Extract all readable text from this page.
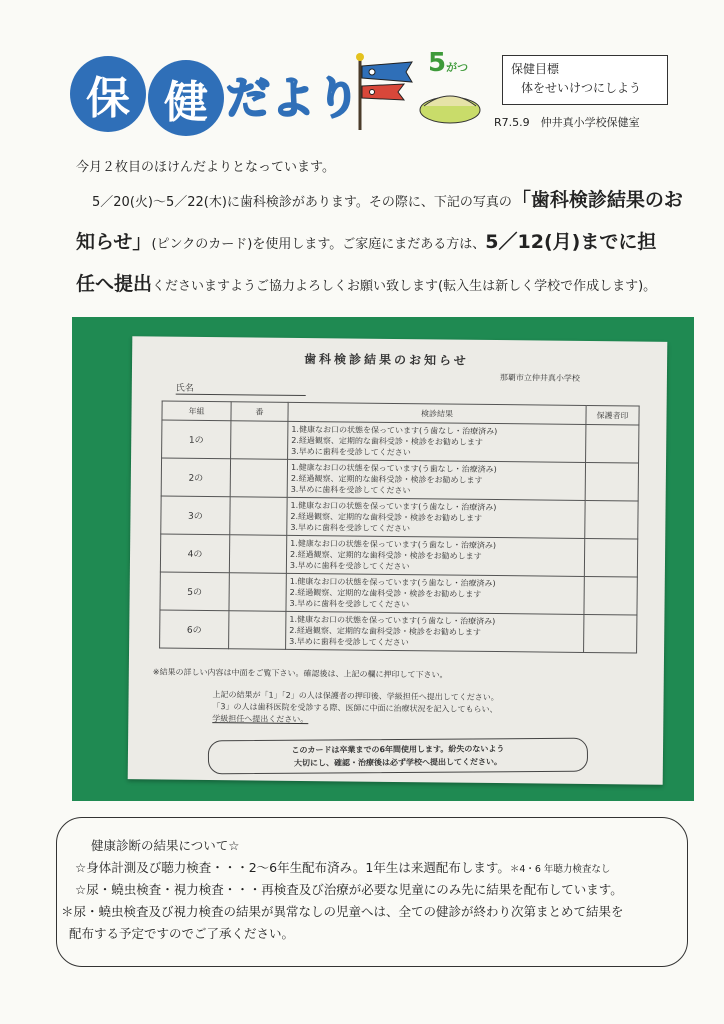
保 健 だより
5がつ	保健目標
体をせいけつにしよう
R7.5.9　仲井真小学校保健室
今月２枚目のほけんだよりとなっています。
5／20(火)～5／22(木)に歯科検診があります。その際に、下記の写真の「歯科検診結果のお
知らせ」(ピンクのカード)を使用します。ご家庭にまだある方は、5／12(月)までに担
任へ提出くださいますようご協力よろしくお願い致します(転入生は新しく学校で作成します)。
歯科検診結果のお知らせ
那覇市立仲井真小学校
氏名
年組	番	検診結果	保護者印
1の		1.健康なお口の状態を保っています(う歯なし・治療済み)
2.経過観察、定期的な歯科受診・検診をお勧めします
3.早めに歯科を受診してください	

2の		1.健康なお口の状態を保っています(う歯なし・治療済み)
2.経過観察、定期的な歯科受診・検診をお勧めします
3.早めに歯科を受診してください	

3の		1.健康なお口の状態を保っています(う歯なし・治療済み)
2.経過観察、定期的な歯科受診・検診をお勧めします
3.早めに歯科を受診してください	

4の		1.健康なお口の状態を保っています(う歯なし・治療済み)
2.経過観察、定期的な歯科受診・検診をお勧めします
3.早めに歯科を受診してください	

5の		1.健康なお口の状態を保っています(う歯なし・治療済み)
2.経過観察、定期的な歯科受診・検診をお勧めします
3.早めに歯科を受診してください	

6の		1.健康なお口の状態を保っています(う歯なし・治療済み)
2.経過観察、定期的な歯科受診・検診をお勧めします
3.早めに歯科を受診してください	

※結果の詳しい内容は中面をご覧下さい。確認後は、上記の欄に押印して下さい。
上記の結果が「1」「2」の人は保護者の押印後、学級担任へ提出してください。
「3」の人は歯科医院を受診する際、医師に中面に治療状況を記入してもらい、
学級担任へ提出ください。
このカードは卒業までの6年間使用します。紛失のないよう
大切にし、確認・治療後は必ず学校へ提出してください。
健康診断の結果について☆
☆身体計測及び聴力検査・・・2～6年生配布済み。1年生は来週配布します。＊4・6 年聴力検査なし
☆尿・蟯虫検査・視力検査・・・再検査及び治療が必要な児童にのみ先に結果を配布しています。
＊尿・蟯虫検査及び視力検査の結果が異常なしの児童へは、全ての健診が終わり次第まとめて結果を
配布する予定ですのでご了承ください。
